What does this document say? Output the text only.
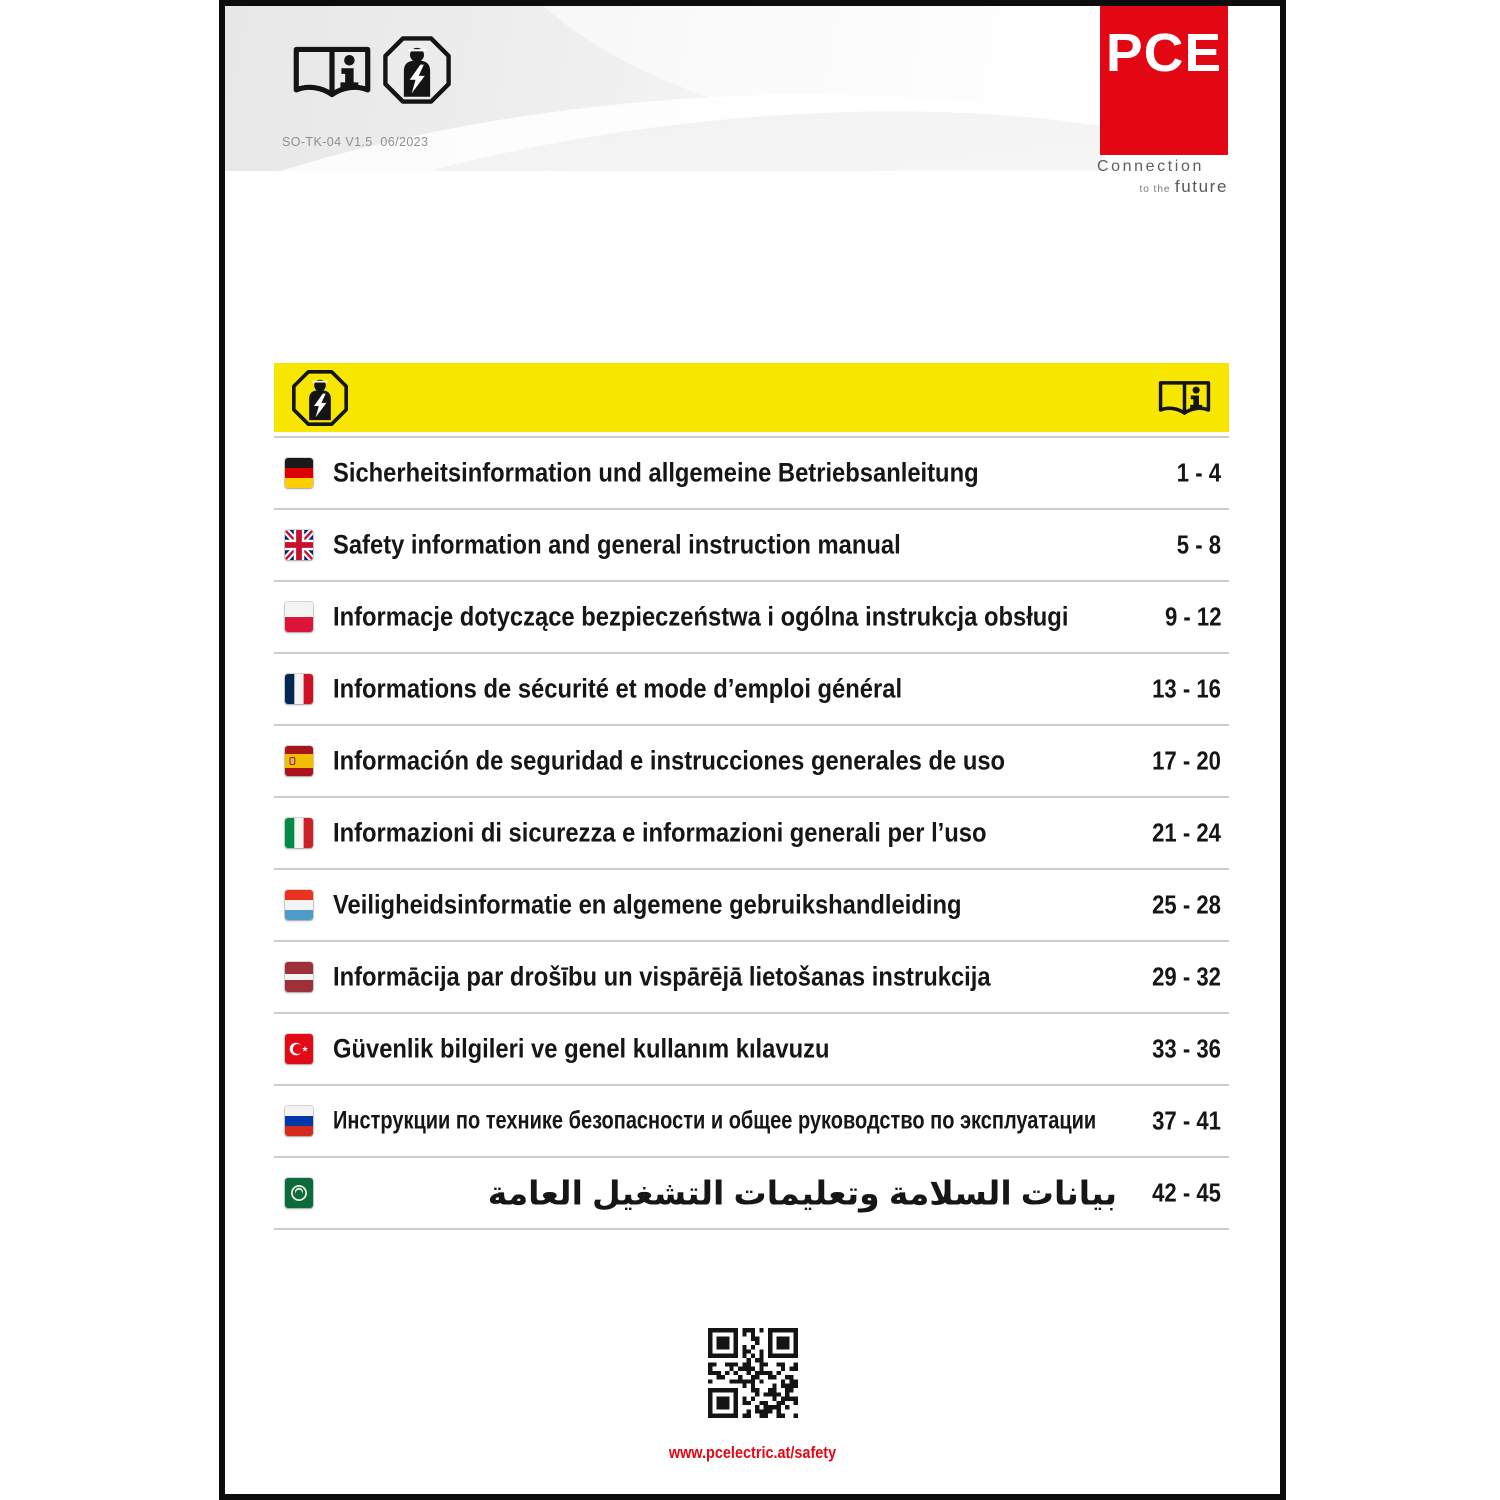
SO-TK-04 V1.5  06/2023
PCE
Connection
to the future
Sicherheitsinformation und allgemeine Betriebsanleitung	1 - 4
Safety information and general instruction manual	5 - 8
Informacje dotyczące bezpieczeństwa i ogólna instrukcja obsługi	9 - 12
Informations de sécurité et mode d’emploi général	13 - 16
Información de seguridad e instrucciones generales de uso	17 - 20
Informazioni di sicurezza e informazioni generali per l’uso	21 - 24
Veiligheidsinformatie en algemene gebruikshandleiding	25 - 28
Informācija par drošību un vispārējā lietošanas instrukcija	29 - 32
Güvenlik bilgileri ve genel kullanım kılavuzu	33 - 36
Инструкции по технике безопасности и общее руководство по эксплуатации 37 - 41
بيانات السلامة وتعليمات التشغيل العامة 42 - 45
www.pcelectric.at/safety
